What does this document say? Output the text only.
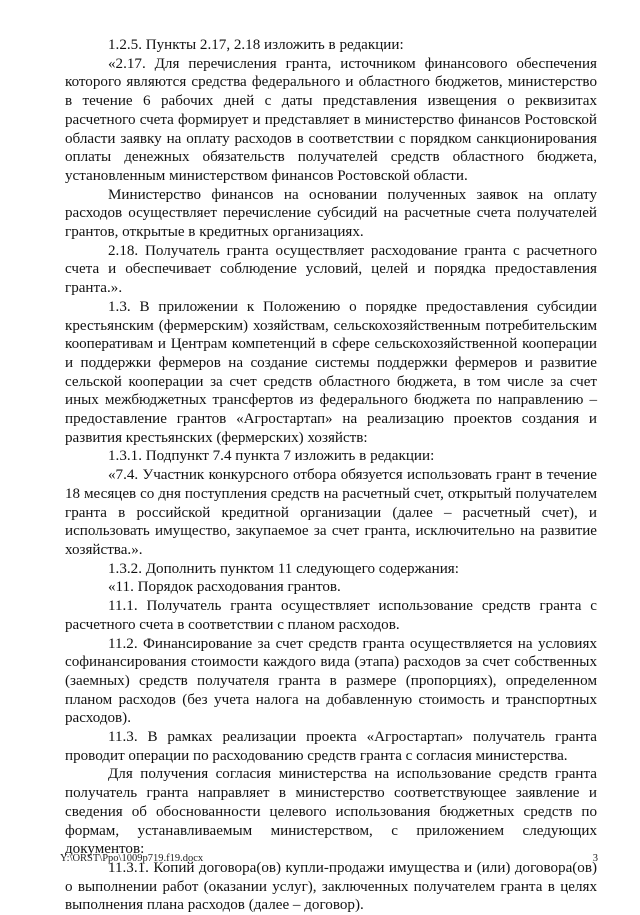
1.2.5. Пункты 2.17, 2.18 изложить в редакции:

«2.17. Для перечисления гранта, источником финансового обеспечения которого являются средства федерального и областного бюджетов, министерство в течение 6 рабочих дней с даты представления извещения о реквизитах расчетного счета формирует и представляет в министерство финансов Ростовской области заявку на оплату расходов в соответствии с порядком санкционирования оплаты денежных обязательств получателей средств областного бюджета, установленным министерством финансов Ростовской области.

Министерство финансов на основании полученных заявок на оплату расходов осуществляет перечисление субсидий на расчетные счета получателей грантов, открытые в кредитных организациях.

2.18. Получатель гранта осуществляет расходование гранта с расчетного счета и обеспечивает соблюдение условий, целей и порядка предоставления гранта.».

1.3. В приложении к Положению о порядке предоставления субсидии крестьянским (фермерским) хозяйствам, сельскохозяйственным потребительским кооперативам и Центрам компетенций в сфере сельскохозяйственной кооперации и поддержки фермеров на создание системы поддержки фермеров и развитие сельской кооперации за счет средств областного бюджета, в том числе за счет иных межбюджетных трансфертов из федерального бюджета по направлению – предоставление грантов «Агростартап» на реализацию проектов создания и развития крестьянских (фермерских) хозяйств:

1.3.1. Подпункт 7.4 пункта 7 изложить в редакции:

«7.4. Участник конкурсного отбора обязуется использовать грант в течение 18 месяцев со дня поступления средств на расчетный счет, открытый получателем гранта в российской кредитной организации (далее – расчетный счет), и использовать имущество, закупаемое за счет гранта, исключительно на развитие хозяйства.».

1.3.2. Дополнить пунктом 11 следующего содержания:

«11. Порядок расходования грантов.

11.1. Получатель гранта осуществляет использование средств гранта с расчетного счета в соответствии с планом расходов.

11.2. Финансирование за счет средств гранта осуществляется на условиях софинансирования стоимости каждого вида (этапа) расходов за счет собственных (заемных) средств получателя гранта в размере (пропорциях), определенном планом расходов (без учета налога на добавленную стоимость и транспортных расходов).

11.3. В рамках реализации проекта «Агростартап» получатель гранта проводит операции по расходованию средств гранта с согласия министерства.

Для получения согласия министерства на использование средств гранта получатель гранта направляет в министерство соответствующее заявление и сведения об обоснованности целевого использования бюджетных средств по формам, устанавливаемым министерством, с приложением следующих документов:

11.3.1. Копий договора(ов) купли-продажи имущества и (или) договора(ов) о выполнении работ (оказании услуг), заключенных получателем гранта в целях выполнения плана расходов (далее – договор).

Y:\ORST\Ppo\1009p719.f19.docx	3
